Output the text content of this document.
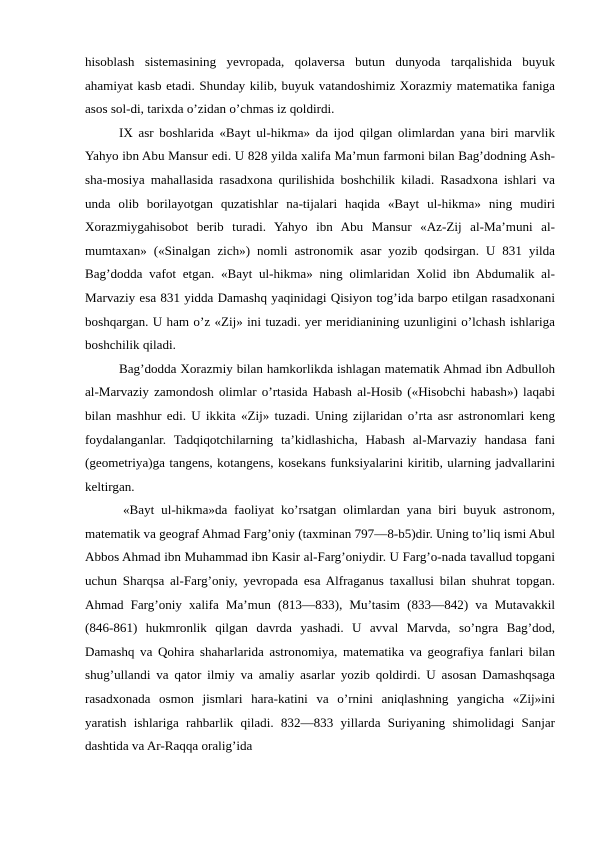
hisoblash sistemasining yevropada, qolaversa butun dunyoda tarqalishida buyuk ahamiyat kasb etadi. Shunday kilib, buyuk vatandoshimiz Xorazmiy matematika faniga asos sol-di, tarixda o’zidan o’chmas iz qoldirdi.

IX asr boshlarida «Bayt ul-hikma» da ijod qilgan olimlardan yana biri marvlik Yahyo ibn Abu Mansur edi. U 828 yilda xalifa Ma’mun farmoni bilan Bag’dodning Ash-sha-mosiya mahallasida rasadxona qurilishida boshchilik kiladi. Rasadxona ishlari va unda olib borilayotgan quzatishlar na-tijalari haqida «Bayt ul-hikma» ning mudiri Xorazmiygahisobot berib turadi. Yahyo ibn Abu Mansur «Az-Zij al-Ma’muni al-mumtaxan» («Sinalgan zich») nomli astronomik asar yozib qodsirgan. U 831 yilda Bag’dodda vafot etgan. «Bayt ul-hikma» ning olimlaridan Xolid ibn Abdumalik al-Marvaziy esa 831 yidda Damashq yaqinidagi Qisiyon tog’ida barpo etilgan rasadxonani boshqargan. U ham o’z «Zij» ini tuzadi. yer meridianining uzunligini o’lchash ishlariga boshchilik qiladi.

Bag’dodda Xorazmiy bilan hamkorlikda ishlagan matematik Ahmad ibn Adbulloh al-Marvaziy zamondosh olimlar o’rtasida Habash al-Hosib («Hisobchi habash») laqabi bilan mashhur edi. U ikkita «Zij» tuzadi. Uning zijlaridan o’rta asr astronomlari keng foydalanganlar. Tadqiqotchilarning ta’kidlashicha, Habash al-Marvaziy handasa fani (geometriya)ga tangens, kotangens, kosekans funksiyalarini kiritib, ularning jadvallarini keltirgan.

«Bayt ul-hikma»da faoliyat ko’rsatgan olimlardan yana biri buyuk astronom, matematik va geograf Ahmad Farg’oniy (taxminan 797—8-b5)dir. Uning to’liq ismi Abul Abbos Ahmad ibn Muhammad ibn Kasir al-Farg’oniydir. U Farg’o-nada tavallud topgani uchun Sharqsa al-Farg’oniy, yevropada esa Alfraganus taxallusi bilan shuhrat topgan. Ahmad Farg’oniy xalifa Ma’mun (813—833), Mu’tasim (833—842) va Mutavakkil (846-861) hukmronlik qilgan davrda yashadi. U avval Marvda, so’ngra Bag’dod, Damashq va Qohira shaharlarida astronomiya, matematika va geografiya fanlari bilan shug’ullandi va qator ilmiy va amaliy asarlar yozib qoldirdi. U asosan Damashqsaga rasadxonada osmon jismlari hara-katini va o’rnini aniqlashning yangicha «Zij»ini yaratish ishlariga rahbarlik qiladi. 832—833 yillarda Suriyaning shimolidagi Sanjar dashtida va Ar-Raqqa oralig’ida
